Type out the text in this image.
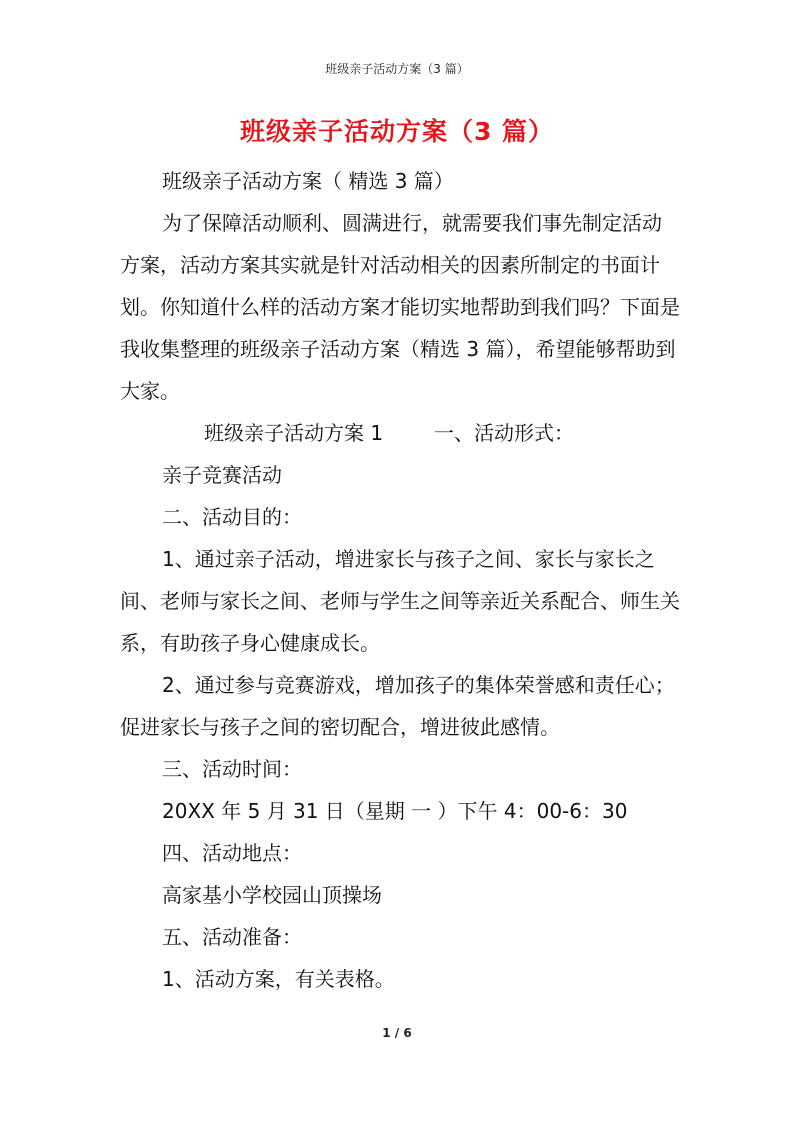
班级亲子活动方案（3 篇）
班级亲子活动方案（3 篇）

班级亲子活动方案（ 精选 3 篇）

为了保障活动顺利、圆满进行，就需要我们事先制定活动方案，活动方案其实就是针对活动相关的因素所制定的书面计划。你知道什么样的活动方案才能切实地帮助到我们吗？下面是我收集整理的班级亲子活动方案（精选 3 篇），希望能够帮助到大家。

班级亲子活动方案 1        一、活动形式：

亲子竞赛活动

二、活动目的：

1、通过亲子活动，增进家长与孩子之间、家长与家长之间、老师与家长之间、老师与学生之间等亲近关系配合、师生关系，有助孩子身心健康成长。

2、通过参与竞赛游戏，增加孩子的集体荣誉感和责任心；促进家长与孩子之间的密切配合，增进彼此感情。

三、活动时间：

20XX 年 5 月 31 日（星期 一 ）下午 4：00-6：30

四、活动地点：

高家基小学校园山顶操场

五、活动准备：

1、活动方案，有关表格。

1 / 6
